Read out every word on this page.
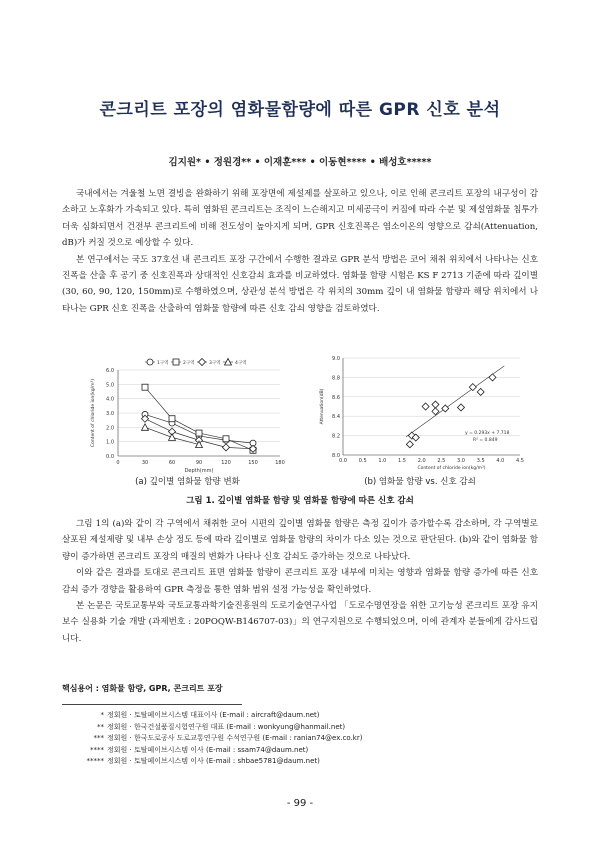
콘크리트 포장의 염화물함량에 따른 GPR 신호 분석
김지원* • 정원경** • 이재훈*** • 이동현**** • 배성호*****

국내에서는 겨울철 노면 결빙을 완화하기 위해 포장면에 제설제를 살포하고 있으나, 이로 인해 콘크리트 포장의 내구성이 감소하고 노후화가 가속되고 있다. 특히 염화된 콘크리트는 조직이 느슨해지고 미세공극이 커짐에 따라 수분 및 제설염화물 침투가 더욱 심화되면서 건전부 콘크리트에 비해 전도성이 높아지게 되며, GPR 신호진폭은 염소이온의 영향으로 감쇠(Attenuation, dB)가 커질 것으로 예상할 수 있다.

본 연구에서는 국도 37호선 내 콘크리트 포장 구간에서 수행한 결과로 GPR 분석 방법은 코어 채취 위치에서 나타나는 신호진폭을 산출 후 공기 중 신호진폭과 상대적인 신호감쇠 효과를 비교하였다. 염화물 함량 시험은 KS F 2713 기준에 따라 깊이별(30, 60, 90, 120, 150mm)로 수행하였으며, 상관성 분석 방법은 각 위치의 30mm 깊이 내 염화물 함량과 해당 위치에서 나타나는 GPR 신호 진폭을 산출하여 염화물 함량에 따른 신호 감쇠 영향을 검토하였다.

0.0
1.0
2.0
3.0
4.0
5.0
6.0
0	30	60	90	120	150	180
Depth(mm)
Content of chloride ion(kg/m³)
1구역	2구역	3구역	4구역
(a) 깊이별 염화물 함량 변화
8.0
8.2
8.4
8.6
8.8
9.0
0.0 0.5 1.0 1.5 2.0 2.5 3.0 3.5 4.0 4.5
Content of chloride ion(kg/m³)
Attenuation(dB)
y = 0.293x + 7.718
R² = 0.849
(b) 염화물 함량 vs. 신호 감쇠
그림 1. 깊이별 염화물 함량 및 염화물 함량에 따른 신호 감쇠

그림 1의 (a)와 같이 각 구역에서 채취한 코어 시편의 깊이별 염화물 함량은 측정 깊이가 증가할수록 감소하며, 각 구역별로 살포된 제설제량 및 내부 손상 정도 등에 따라 깊이별로 염화물 함량의 차이가 다소 있는 것으로 판단된다. (b)와 같이 염화물 함량이 증가하면 콘크리트 포장의 매질의 변화가 나타나 신호 감쇠도 증가하는 것으로 나타났다.

이와 같은 결과를 토대로 콘크리트 표면 염화물 함량이 콘크리트 포장 내부에 미치는 영향과 염화물 함량 증가에 따른 신호 감쇠 증가 경향을 활용하여 GPR 측정을 통한 염화 범위 설정 가능성을 확인하였다.

본 논문은 국토교통부와 국토교통과학기술진흥원의 도로기술연구사업 「도로수명연장을 위한 고기능성 콘크리트 포장 유지보수 실용화 기술 개발 (과제번호 : 20POQW-B146707-03)」의 연구지원으로 수행되었으며, 이에 관계자 분들에게 감사드립니다.

핵심용어 : 염화물 함량, GPR, 콘크리트 포장
* 정회원 · 토탈페이브시스템 대표이사 (E-mail : aircraft@daum.net)
** 정회원 · 한국건설품질시험연구원 대표 (E-mail : wonkyung@hanmail.net)
*** 정회원 · 한국도로공사 도로교통연구원 수석연구원 (E-mail : ranian74@ex.co.kr)
**** 정회원 · 토탈페이브시스템 이사 (E-mail : ssam74@daum.net)
***** 정회원 · 토탈페이브시스템 이사 (E-mail : shbae5781@daum.net)
- 99 -
